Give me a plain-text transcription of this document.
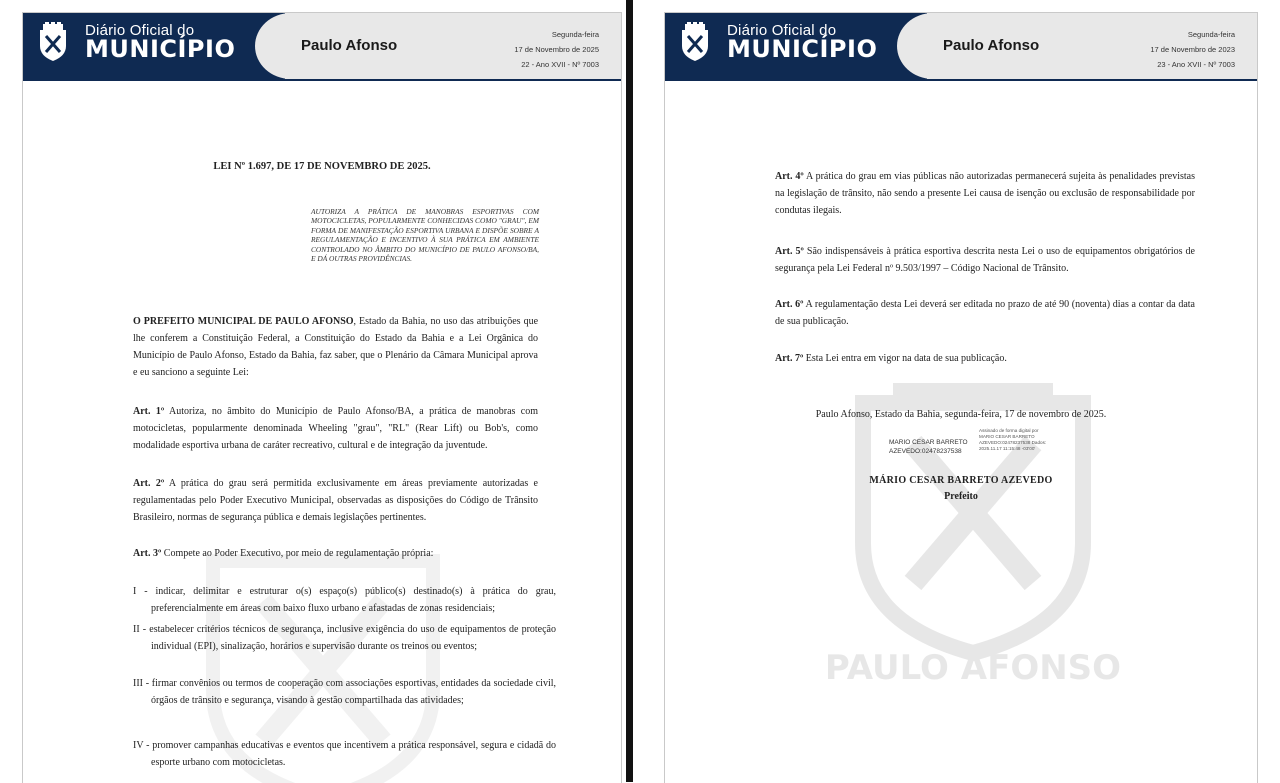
Diário Oficial do
MUNICÍPIO	Paulo Afonso
Segunda-feira
17 de Novembro de 2025
22 - Ano XVII - Nº 7003
LEI Nº 1.697, DE 17 DE NOVEMBRO DE 2025.
AUTORIZA A PRÁTICA DE MANOBRAS ESPORTIVAS COM MOTOCICLETAS, POPULARMENTE CONHECIDAS COMO "GRAU", EM FORMA DE MANIFESTAÇÃO ESPORTIVA URBANA E DISPÕE SOBRE A REGULAMENTAÇÃO E INCENTIVO À SUA PRÁTICA EM AMBIENTE CONTROLADO NO ÂMBITO DO MUNICÍPIO DE PAULO AFONSO/BA, E DÁ OUTRAS PROVIDÊNCIAS.

O PREFEITO MUNICIPAL DE PAULO AFONSO, Estado da Bahia, no uso das atribuições que lhe conferem a Constituição Federal, a Constituição do Estado da Bahia e a Lei Orgânica do Município de Paulo Afonso, Estado da Bahia, faz saber, que o Plenário da Câmara Municipal aprova e eu sanciono a seguinte Lei:

Art. 1º Autoriza, no âmbito do Município de Paulo Afonso/BA, a prática de manobras com motocicletas, popularmente denominada Wheeling "grau", "RL" (Rear Lift) ou Bob's, como modalidade esportiva urbana de caráter recreativo, cultural e de integração da juventude.

Art. 2º A prática do grau será permitida exclusivamente em áreas previamente autorizadas e regulamentadas pelo Poder Executivo Municipal, observadas as disposições do Código de Trânsito Brasileiro, normas de segurança pública e demais legislações pertinentes.

Art. 3º Compete ao Poder Executivo, por meio de regulamentação própria:

I - indicar, delimitar e estruturar o(s) espaço(s) público(s) destinado(s) à prática do grau, preferencialmente em áreas com baixo fluxo urbano e afastadas de zonas residenciais;

II - estabelecer critérios técnicos de segurança, inclusive exigência do uso de equipamentos de proteção individual (EPI), sinalização, horários e supervisão durante os treinos ou eventos;

III - firmar convênios ou termos de cooperação com associações esportivas, entidades da sociedade civil, órgãos de trânsito e segurança, visando à gestão compartilhada das atividades;

IV - promover campanhas educativas e eventos que incentivem a prática responsável, segura e cidadã do esporte urbano com motocicletas.

Diário Oficial do
MUNICÍPIO	Paulo Afonso
Segunda-feira
17 de Novembro de 2023
23 - Ano XVII - Nº 7003
PAULO AFONSO

Art. 4º A prática do grau em vias públicas não autorizadas permanecerá sujeita às penalidades previstas na legislação de trânsito, não sendo a presente Lei causa de isenção ou exclusão de responsabilidade por condutas ilegais.

Art. 5º São indispensáveis à prática esportiva descrita nesta Lei o uso de equipamentos obrigatórios de segurança pela Lei Federal nº 9.503/1997 – Código Nacional de Trânsito.

Art. 6º A regulamentação desta Lei deverá ser editada no prazo de até 90 (noventa) dias a contar da data de sua publicação.

Art. 7º Esta Lei entra em vigor na data de sua publicação.

Paulo Afonso, Estado da Bahia, segunda-feira, 17 de novembro de 2025.
MARIO CESAR BARRETO AZEVEDO:02478237538
Assinado de forma digital por MARIO CESAR BARRETO AZEVEDO:02478237538 Dados: 2025.11.17 11:15:48 -03'00'
MÁRIO CESAR BARRETO AZEVEDO
Prefeito
